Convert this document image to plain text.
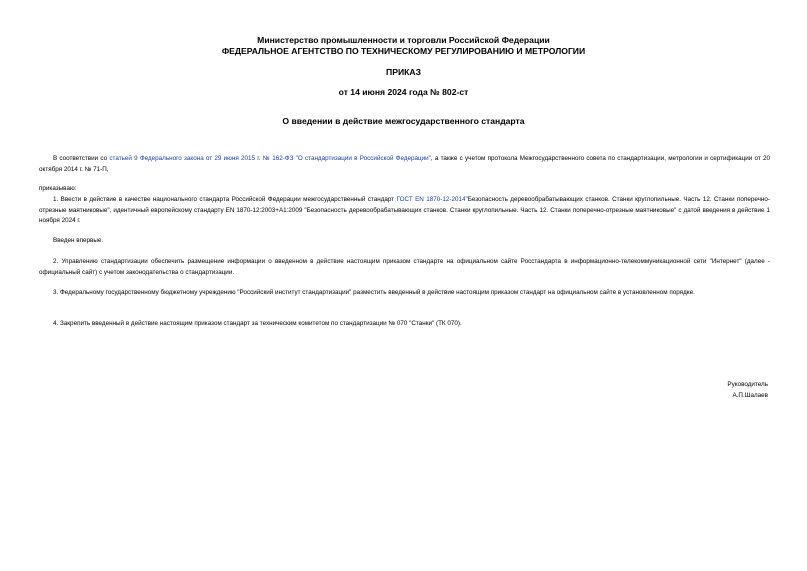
Министерство промышленности и торговли Российской Федерации
ФЕДЕРАЛЬНОЕ АГЕНТСТВО ПО ТЕХНИЧЕСКОМУ РЕГУЛИРОВАНИЮ И МЕТРОЛОГИИ
ПРИКАЗ
от 14 июня 2024 года № 802-ст
О введении в действие межгосударственного стандарта
В соответствии со статьей 9 Федерального закона от 29 июня 2015 г. № 162-ФЗ "О стандартизации в Российской Федерации", а также с учетом протокола Межгосударственного совета по стандартизации, метрологии и сертификации от 20 октября 2014 г. № 71-П,
приказываю:
1. Ввести в действие в качестве национального стандарта Российской Федерации межгосударственный стандарт ГОСТ EN 1870-12-2014"Безопасность деревообрабатывающих станков. Станки круглопильные. Часть 12. Станки поперечно-отрезные маятниковые", идентичный европейскому стандарту EN 1870-12:2003+A1:2009 "Безопасность деревообрабатывающих станков. Станки круглопильные. Часть 12. Станки поперечно-отрезные маятниковые" с датой введения в действие 1 ноября 2024 г.
Введен впервые.
2. Управлению стандартизации обеспечить размещение информации о введенном в действие настоящим приказом стандарте на официальном сайте Росстандарта в информационно-телекоммуникационной сети "Интернет" (далее - официальный сайт) с учетом законодательства о стандартизации.
3. Федеральному государственному бюджетному учреждению "Российский институт стандартизации" разместить введенный в действие настоящим приказом стандарт на официальном сайте в установленном порядке.
4. Закрепить введенный в действие настоящим приказом стандарт за техническим комитетом по стандартизации № 070 "Станки" (ТК 070).
Руководитель
А.П.Шалаев
